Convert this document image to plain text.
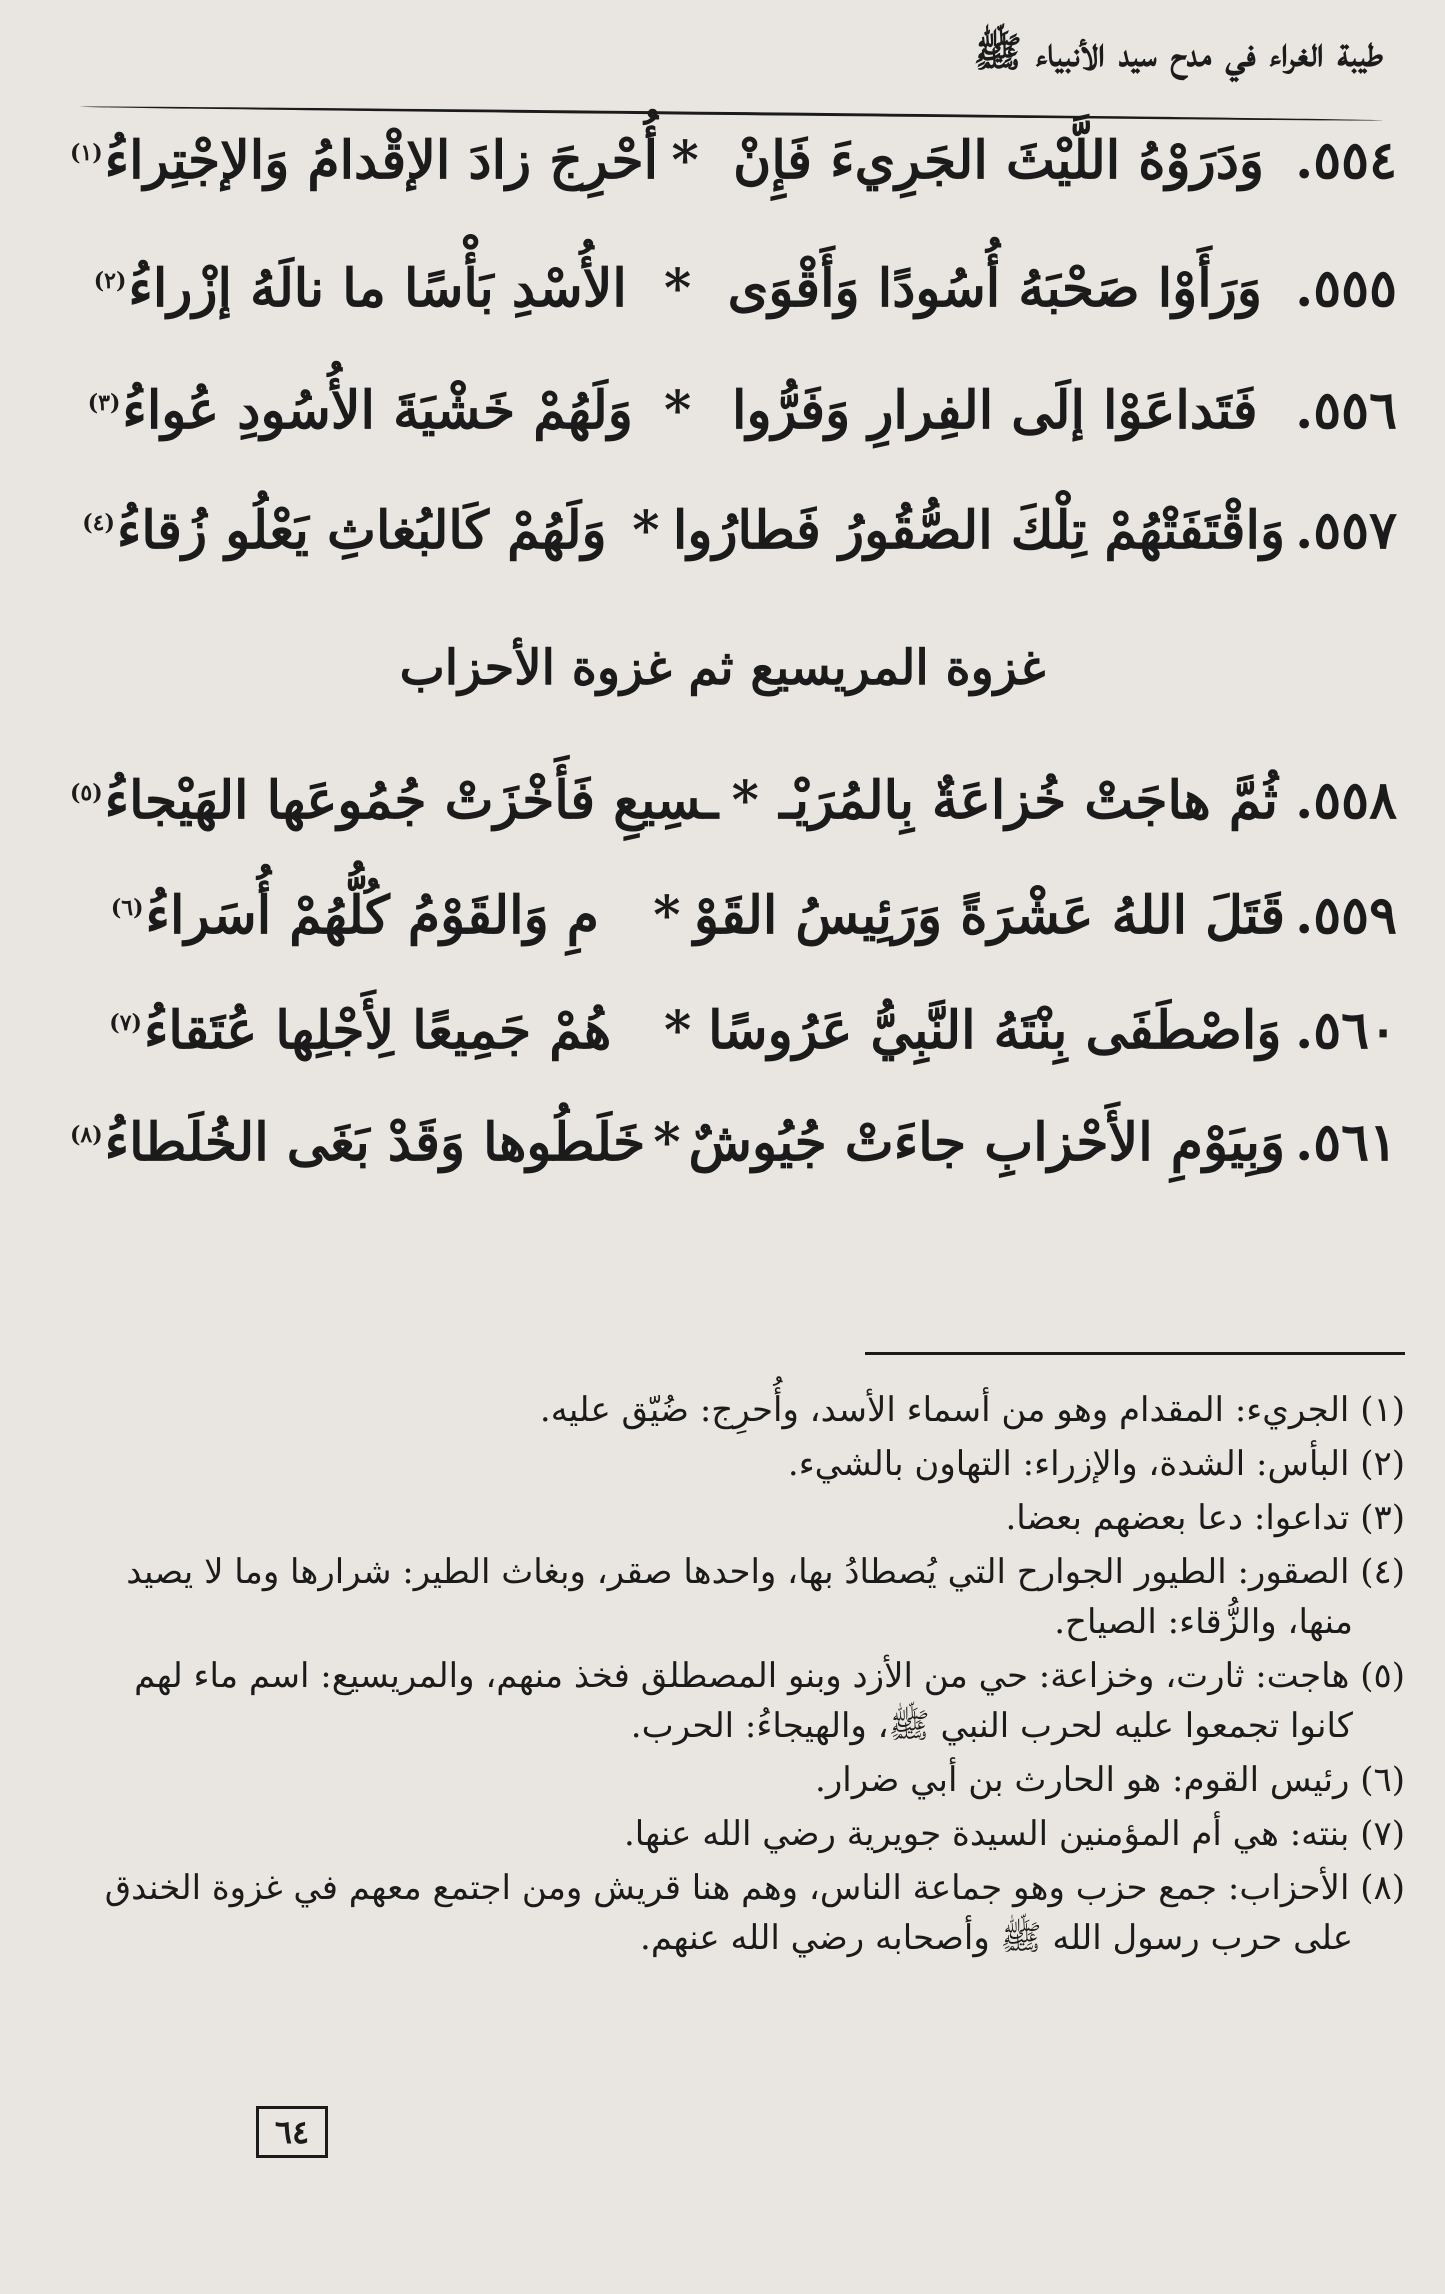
طيبة الغراء في مدح سيد الأنبياء ﷺ
٥٥٤.
وَدَرَوْهُ اللَّيْثَ الجَرِيءَ فَإِنْ
*
أُحْرِجَ زادَ الإقْدامُ وَالإجْتِراءُ$^{(١)}$
٥٥٥.
وَرَأَوْا صَحْبَهُ أُسُودًا وَأَقْوَى
*
الأُسْدِ بَأْسًا ما نالَهُ إزْراءُ$^{(٢)}$
٥٥٦.
فَتَداعَوْا إلَى الفِرارِ وَفَرُّوا
*
وَلَهُمْ خَشْيَةَ الأُسُودِ عُواءُ$^{(٣)}$
٥٥٧.
وَاقْتَفَتْهُمْ تِلْكَ الصُّقُورُ فَطارُوا
*
وَلَهُمْ كَالبُغاثِ يَعْلُو زُقاءُ$^{(٤)}$
غزوة المريسيع ثم غزوة الأحزاب
٥٥٨.
ثُمَّ هاجَتْ خُزاعَةٌ بِالمُرَيْـ
*
ـسِيعِ فَأَخْزَتْ جُمُوعَها الهَيْجاءُ$^{(٥)}$
٥٥٩.
قَتَلَ اللهُ عَشْرَةً وَرَئِيسُ القَوْ
*
مِ وَالقَوْمُ كُلُّهُمْ أُسَراءُ$^{(٦)}$
٥٦٠.
وَاصْطَفَى بِنْتَهُ النَّبِيُّ عَرُوسًا
*
هُمْ جَمِيعًا لِأَجْلِها عُتَقاءُ$^{(٧)}$
٥٦١.
وَبِيَوْمِ الأَحْزابِ جاءَتْ جُيُوشٌ
*
خَلَطُوها وَقَدْ بَغَى الخُلَطاءُ$^{(٨)}$
(١) الجريء: المقدام وهو من أسماء الأسد، وأُحرِج: ضُيّق عليه.
(٢) البأس: الشدة، والإزراء: التهاون بالشيء.
(٣) تداعوا: دعا بعضهم بعضا.
(٤) الصقور: الطيور الجوارح التي يُصطادُ بها، واحدها صقر، وبغاث الطير: شرارها وما لا يصيد
منها، والزُّقاء: الصياح.
(٥) هاجت: ثارت، وخزاعة: حي من الأزد وبنو المصطلق فخذ منهم، والمريسيع: اسم ماء لهم
كانوا تجمعوا عليه لحرب النبي ﷺ، والهيجاءُ: الحرب.
(٦) رئيس القوم: هو الحارث بن أبي ضرار.
(٧) بنته: هي أم المؤمنين السيدة جويرية رضي الله عنها.
(٨) الأحزاب: جمع حزب وهو جماعة الناس، وهم هنا قريش ومن اجتمع معهم في غزوة الخندق
على حرب رسول الله ﷺ وأصحابه رضي الله عنهم.
٦٤
